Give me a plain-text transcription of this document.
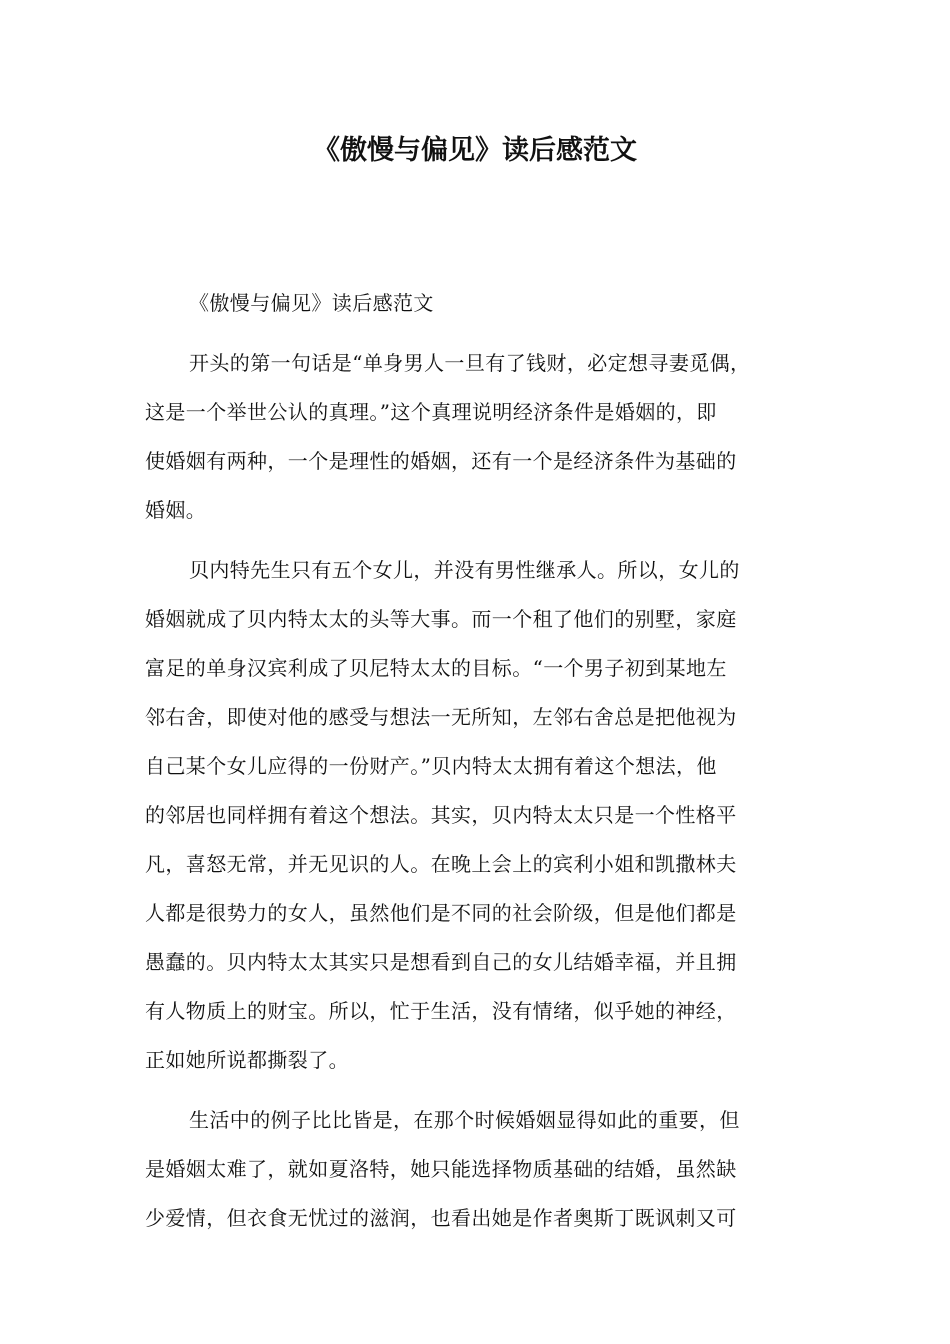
《傲慢与偏见》读后感范文
《傲慢与偏见》读后感范文
开头的第一句话是“单身男人一旦有了钱财，必定想寻妻觅偶，
这是一个举世公认的真理。”这个真理说明经济条件是婚姻的，即
使婚姻有两种，一个是理性的婚姻，还有一个是经济条件为基础的
婚姻。
贝内特先生只有五个女儿，并没有男性继承人。所以，女儿的
婚姻就成了贝内特太太的头等大事。而一个租了他们的别墅，家庭
富足的单身汉宾利成了贝尼特太太的目标。“一个男子初到某地左
邻右舍，即使对他的感受与想法一无所知，左邻右舍总是把他视为
自己某个女儿应得的一份财产。”贝内特太太拥有着这个想法，他
的邻居也同样拥有着这个想法。其实，贝内特太太只是一个性格平
凡，喜怒无常，并无见识的人。在晚上会上的宾利小姐和凯撒林夫
人都是很势力的女人，虽然他们是不同的社会阶级，但是他们都是
愚蠢的。贝内特太太其实只是想看到自己的女儿结婚幸福，并且拥
有人物质上的财宝。所以，忙于生活，没有情绪，似乎她的神经，
正如她所说都撕裂了。
生活中的例子比比皆是，在那个时候婚姻显得如此的重要，但
是婚姻太难了，就如夏洛特，她只能选择物质基础的结婚，虽然缺
少爱情，但衣食无忧过的滋润，也看出她是作者奥斯丁既讽刺又可
